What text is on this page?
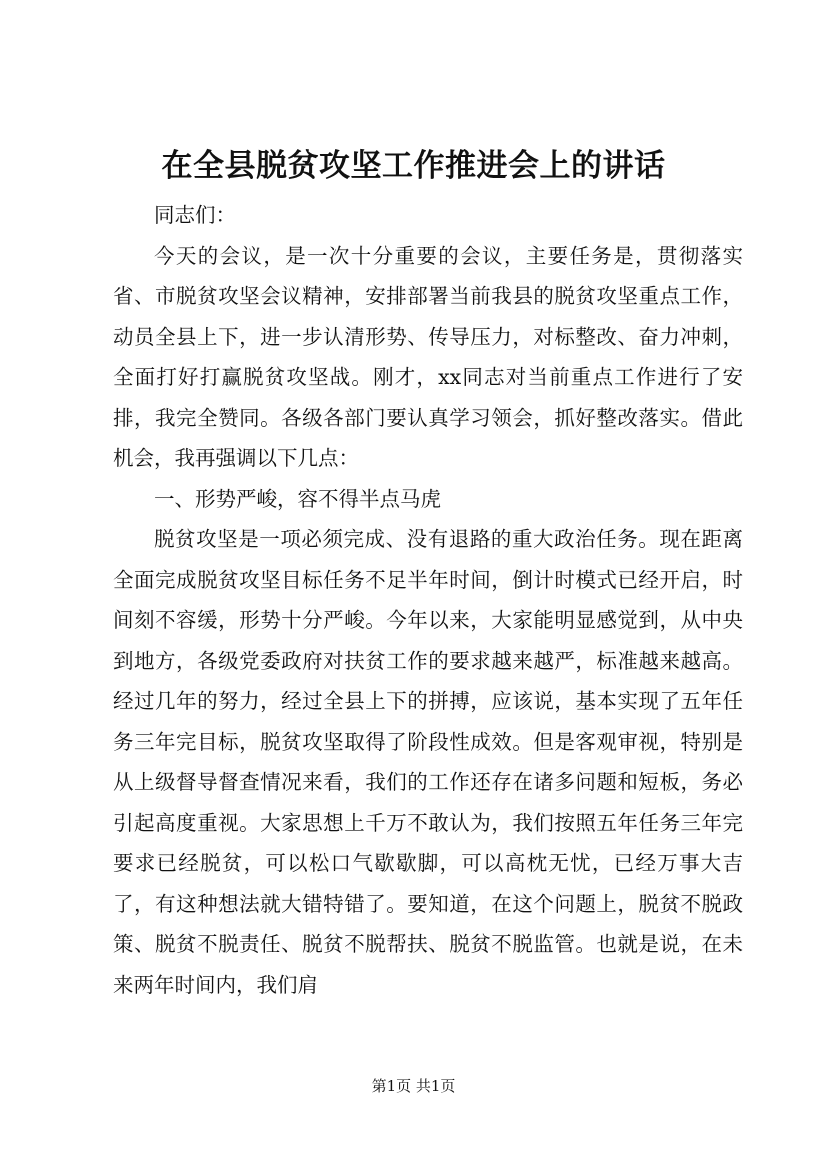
在全县脱贫攻坚工作推进会上的讲话

同志们：

今天的会议，是一次十分重要的会议，主要任务是，贯彻落实省、市脱贫攻坚会议精神，安排部署当前我县的脱贫攻坚重点工作，动员全县上下，进一步认清形势、传导压力，对标整改、奋力冲刺，全面打好打赢脱贫攻坚战。刚才，xx同志对当前重点工作进行了安排，我完全赞同。各级各部门要认真学习领会，抓好整改落实。借此机会，我再强调以下几点：

一、形势严峻，容不得半点马虎

脱贫攻坚是一项必须完成、没有退路的重大政治任务。现在距离全面完成脱贫攻坚目标任务不足半年时间，倒计时模式已经开启，时间刻不容缓，形势十分严峻。今年以来，大家能明显感觉到，从中央到地方，各级党委政府对扶贫工作的要求越来越严，标准越来越高。经过几年的努力，经过全县上下的拼搏，应该说，基本实现了五年任务三年完目标，脱贫攻坚取得了阶段性成效。但是客观审视，特别是从上级督导督查情况来看，我们的工作还存在诸多问题和短板，务必引起高度重视。大家思想上千万不敢认为，我们按照五年任务三年完要求已经脱贫，可以松口气歇歇脚，可以高枕无忧，已经万事大吉了，有这种想法就大错特错了。要知道，在这个问题上，脱贫不脱政策、脱贫不脱责任、脱贫不脱帮扶、脱贫不脱监管。也就是说，在未来两年时间内，我们肩

第1页 共1页
